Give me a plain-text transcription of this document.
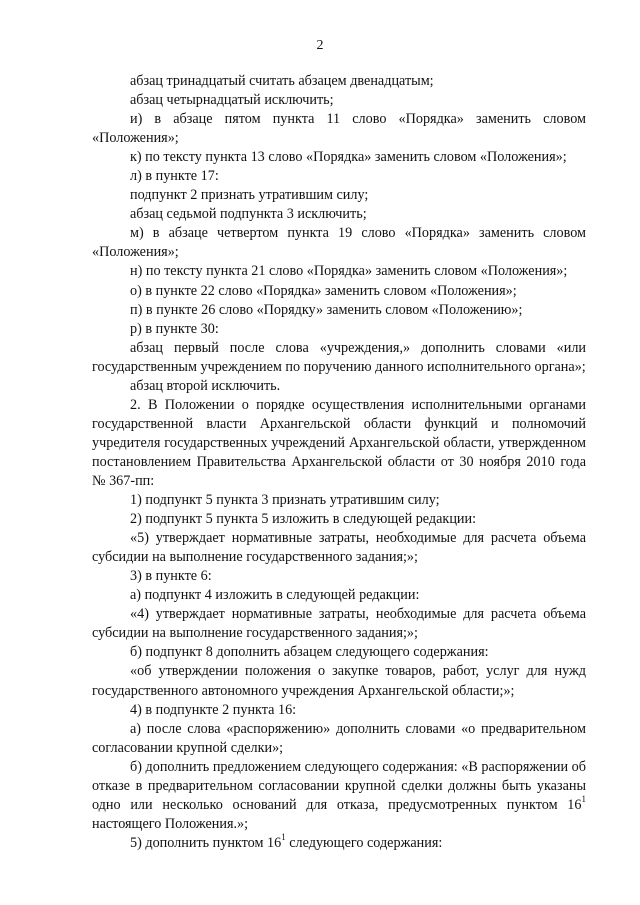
2

абзац тринадцатый считать абзацем двенадцатым;

абзац четырнадцатый исключить;

и) в абзаце пятом пункта 11 слово «Порядка» заменить словом «Положения»;

к) по тексту пункта 13 слово «Порядка» заменить словом «Положения»;

л) в пункте 17:

подпункт 2 признать утратившим силу;

абзац седьмой подпункта 3 исключить;

м) в абзаце четвертом пункта 19 слово «Порядка» заменить словом «Положения»;

н) по тексту пункта 21 слово «Порядка» заменить словом «Положения»;

о) в пункте 22 слово «Порядка» заменить словом «Положения»;

п) в пункте 26 слово «Порядку» заменить словом «Положению»;

р) в пункте 30:

абзац первый после слова «учреждения,» дополнить словами «или государственным учреждением по поручению данного исполнительного органа»;

абзац второй исключить.

2. В Положении о порядке осуществления исполнительными органами государственной власти Архангельской области функций и полномочий учредителя государственных учреждений Архангельской области, утвержденном постановлением Правительства Архангельской области от 30 ноября 2010 года № 367-пп:

1) подпункт 5 пункта 3 признать утратившим силу;

2) подпункт 5 пункта 5 изложить в следующей редакции:

«5) утверждает нормативные затраты, необходимые для расчета объема субсидии на выполнение государственного задания;»;

3) в пункте 6:

а) подпункт 4 изложить в следующей редакции:

«4) утверждает нормативные затраты, необходимые для расчета объема субсидии на выполнение государственного задания;»;

б) подпункт 8 дополнить абзацем следующего содержания:

«об утверждении положения о закупке товаров, работ, услуг для нужд государственного автономного учреждения Архангельской области;»;

4) в подпункте 2 пункта 16:

а) после слова «распоряжению» дополнить словами «о предварительном согласовании крупной сделки»;

б) дополнить предложением следующего содержания: «В распоряжении об отказе в предварительном согласовании крупной сделки должны быть указаны одно или несколько оснований для отказа, предусмотренных пунктом $16^1$ настоящего Положения.»;

5) дополнить пунктом $16^1$ следующего содержания:
